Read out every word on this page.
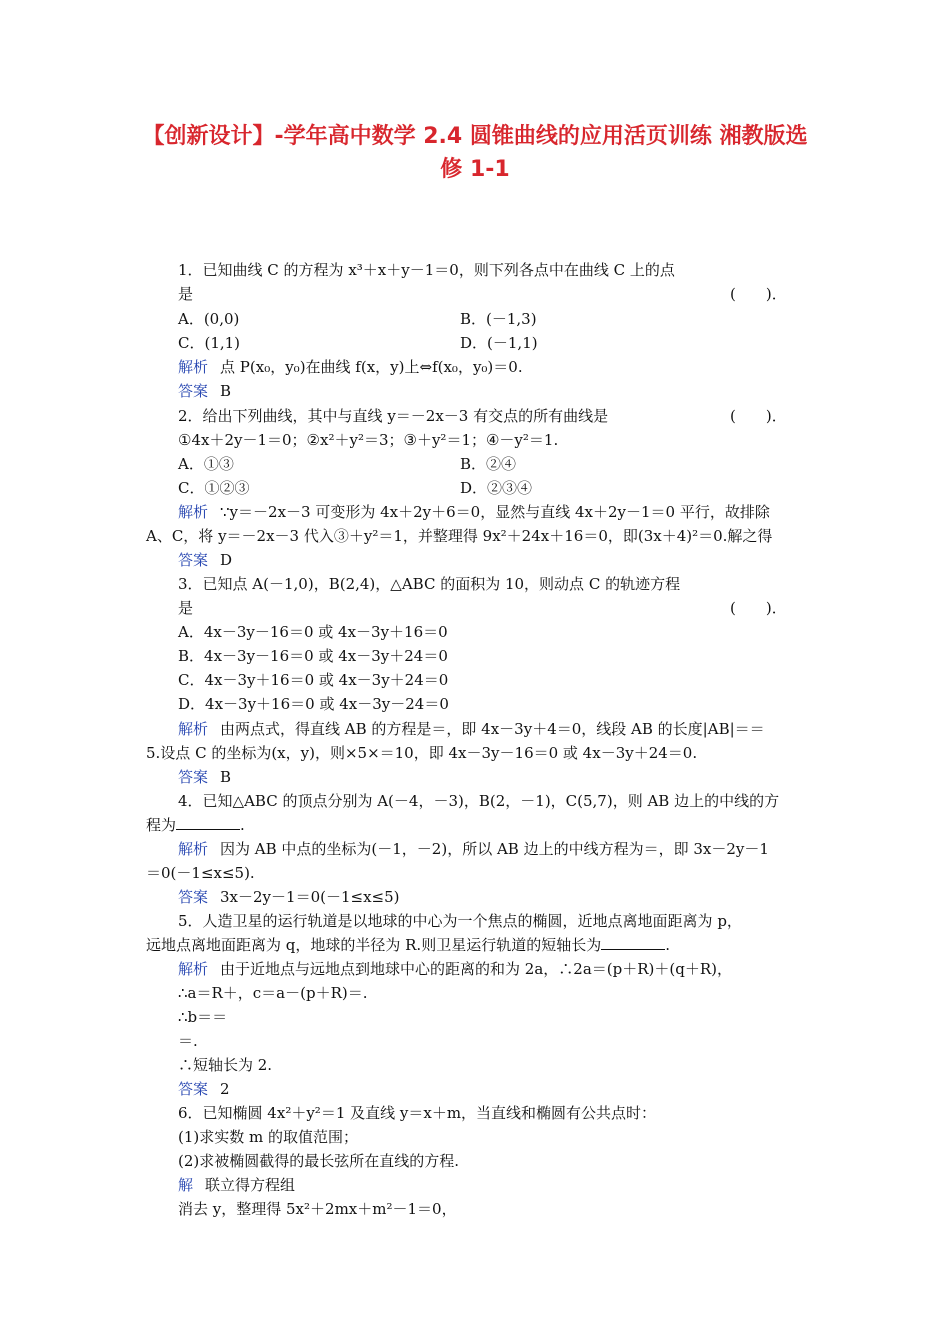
【创新设计】-学年高中数学 2.4 圆锥曲线的应用活页训练 湘教版选
修 1-1
1．已知曲线 C 的方程为 x³＋x＋y－1＝0，则下列各点中在曲线 C 上的点
是	(　　)．
A．(0,0)	B．(－1,3)
C．(1,1)	D．(－1,1)
解析 点 P(x₀，y₀)在曲线 f(x，y)上⇔f(x₀，y₀)＝0.
答案 B
2．给出下列曲线，其中与直线 y＝－2x－3 有交点的所有曲线是	(　　)．
①4x＋2y－1＝0；②x²＋y²＝3；③＋y²＝1；④－y²＝1.
A．①③	B．②④
C．①②③	D．②③④
解析 ∵y＝－2x－3 可变形为 4x＋2y＋6＝0，显然与直线 4x＋2y－1＝0 平行，故排除
A、C，将 y＝－2x－3 代入③＋y²＝1，并整理得 9x²＋24x＋16＝0，即(3x＋4)²＝0.解之得
答案 D
3．已知点 A(－1,0)，B(2,4)，△ABC 的面积为 10，则动点 C 的轨迹方程
是	(　　)．
A．4x－3y－16＝0 或 4x－3y＋16＝0
B．4x－3y－16＝0 或 4x－3y＋24＝0
C．4x－3y＋16＝0 或 4x－3y＋24＝0
D．4x－3y＋16＝0 或 4x－3y－24＝0
解析 由两点式，得直线 AB 的方程是＝，即 4x－3y＋4＝0，线段 AB 的长度|AB|＝＝
5.设点 C 的坐标为(x，y)，则×5×＝10，即 4x－3y－16＝0 或 4x－3y＋24＝0.
答案 B
4．已知△ABC 的顶点分别为 A(－4，－3)，B(2，－1)，C(5,7)，则 AB 边上的中线的方
程为	.
解析 因为 AB 中点的坐标为(－1，－2)，所以 AB 边上的中线方程为＝，即 3x－2y－1
＝0(－1≤x≤5).
答案 3x－2y－1＝0(－1≤x≤5)
5．人造卫星的运行轨道是以地球的中心为一个焦点的椭圆，近地点离地面距离为 p，
远地点离地面距离为 q，地球的半径为 R.则卫星运行轨道的短轴长为	.
解析 由于近地点与远地点到地球中心的距离的和为 2a，∴2a＝(p＋R)＋(q＋R)，
∴a＝R＋，c＝a－(p＋R)＝.
∴b＝＝
＝.
∴短轴长为 2.
答案 2
6．已知椭圆 4x²＋y²＝1 及直线 y＝x＋m，当直线和椭圆有公共点时：
(1)求实数 m 的取值范围；
(2)求被椭圆截得的最长弦所在直线的方程.
解 联立得方程组
消去 y，整理得 5x²＋2mx＋m²－1＝0，
